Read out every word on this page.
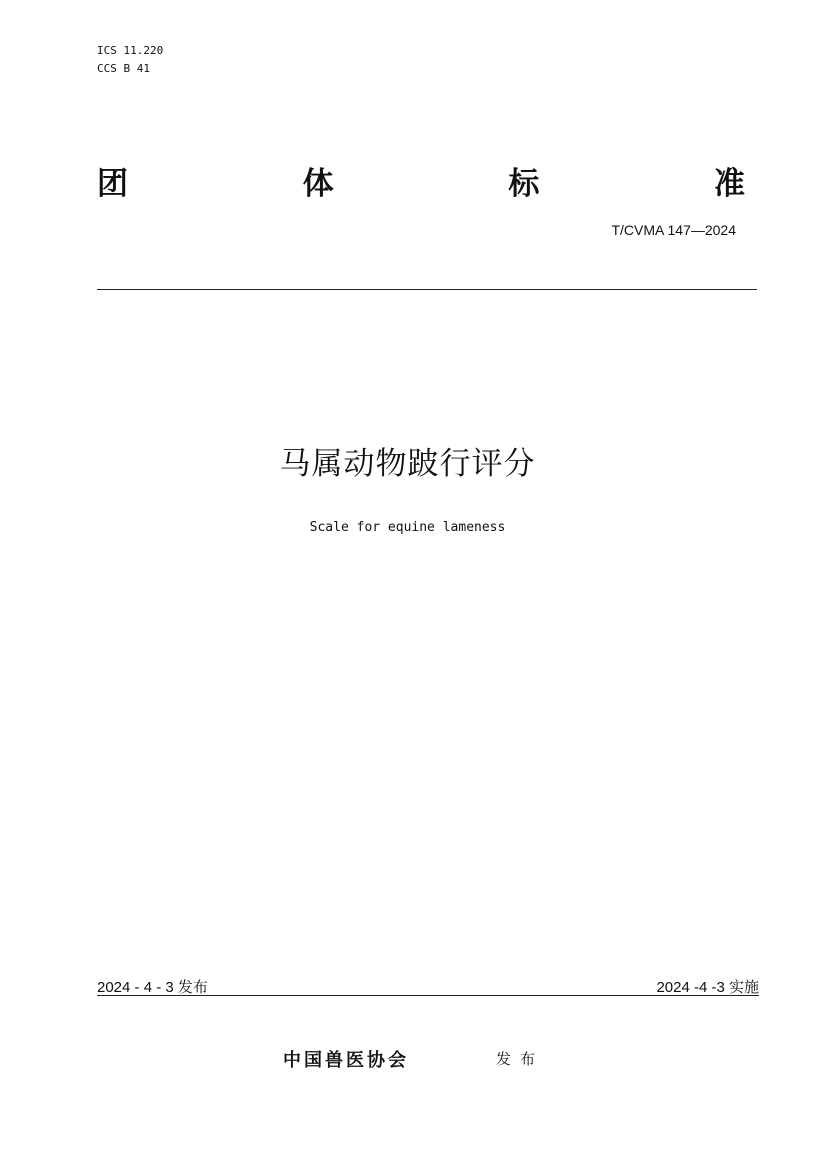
ICS 11.220
CCS B 41
团	体	标	准
T/CVMA 147—2024
马属动物跛行评分
Scale for equine lameness
2024 - 4 - 3 发布	2024 -4 -3 实施
中国兽医协会	发布
